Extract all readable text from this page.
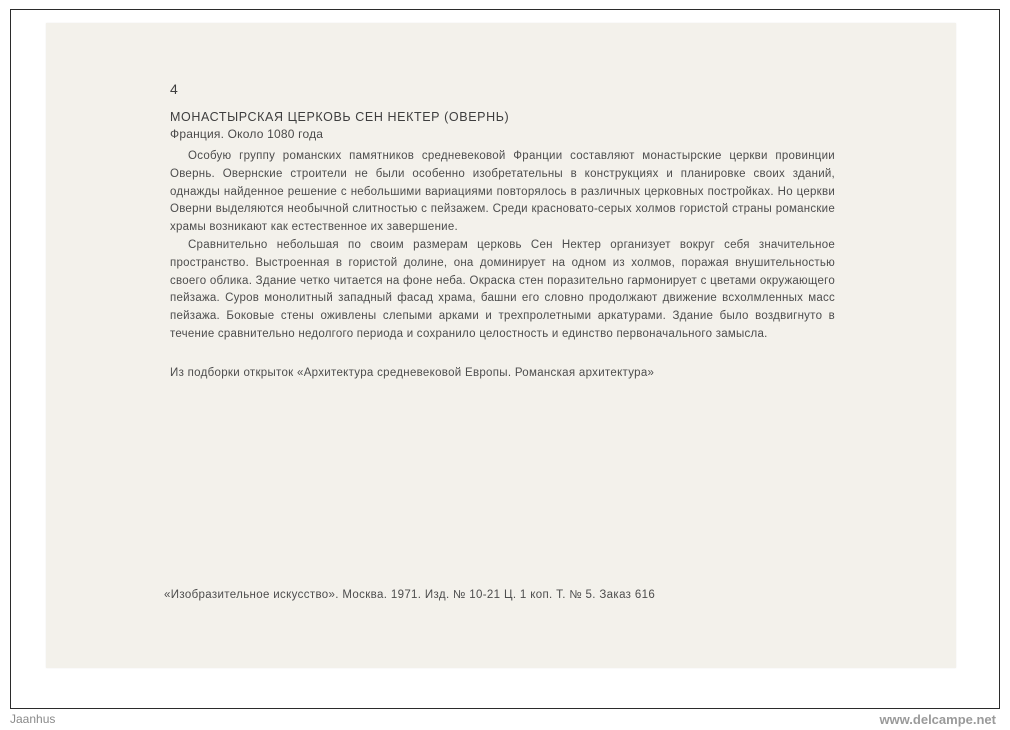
4
МОНАСТЫРСКАЯ ЦЕРКОВЬ СЕН НЕКТЕР (ОВЕРНЬ)
Франция. Около 1080 года

Особую группу романских памятников средневековой Франции составляют монастырские церкви провинции Овернь. Овернские строители не были особенно изобретательны в конструкциях и планировке своих зданий, однажды найденное решение с небольшими вариациями повторялось в различных церковных постройках. Но церкви Оверни выделяются необычной слитностью с пейзажем. Среди красновато-серых холмов гористой страны романские храмы возникают как естественное их завершение.

Сравнительно небольшая по своим размерам церковь Сен Нектер организует вокруг себя значительное пространство. Выстроенная в гористой долине, она доминирует на одном из холмов, поражая внушительностью своего облика. Здание четко читается на фоне неба. Окраска стен поразительно гармонирует с цветами окружающего пейзажа. Суров монолитный западный фасад храма, башни его словно продолжают движение всхолмленных масс пейзажа. Боковые стены оживлены слепыми арками и трехпролетными аркатурами. Здание было воздвигнуто в течение сравнительно недолгого периода и сохранило целостность и единство первоначального замысла.

Из подборки открыток «Архитектура средневековой Европы. Романская архитектура»
«Изобразительное искусство». Москва. 1971. Изд. № 10-21 Ц. 1 коп. Т. № 5. Заказ 616
Jaanhus	www.delcampe.net
